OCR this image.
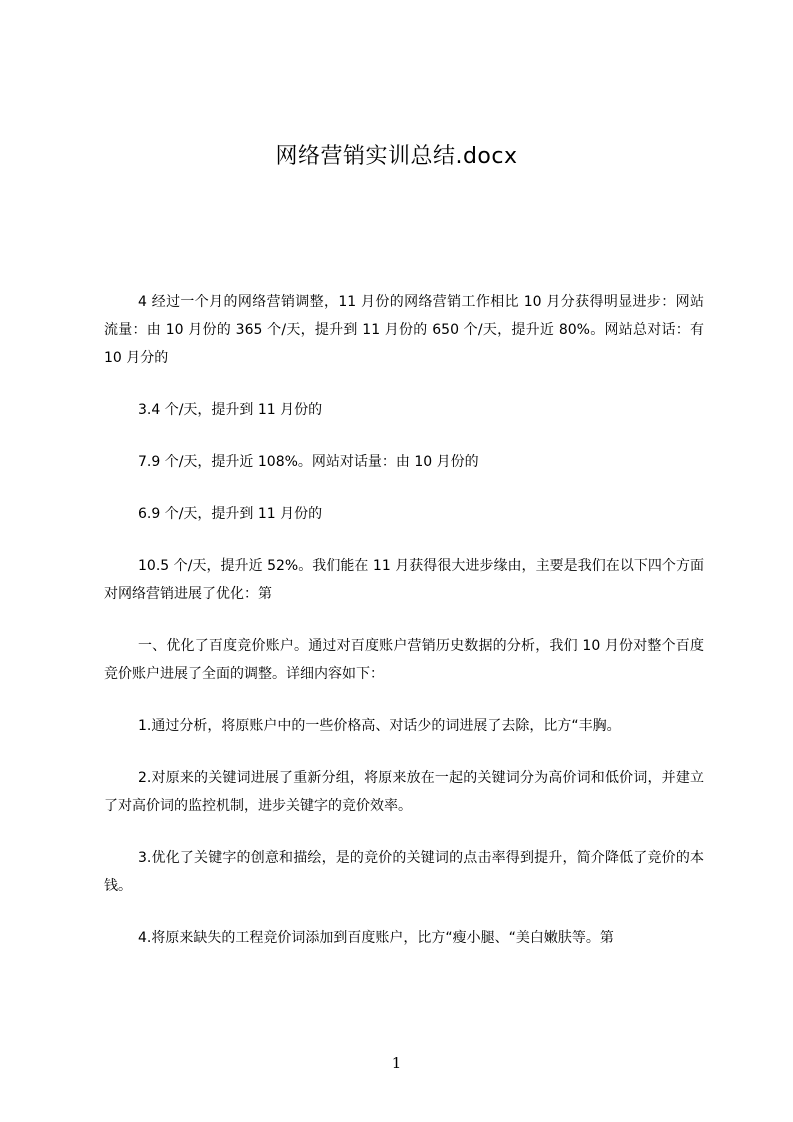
网络营销实训总结.docx

4 经过一个月的网络营销调整，11 月份的网络营销工作相比 10 月分获得明显进步：网站流量：由 10 月份的 365 个/天，提升到 11 月份的 650 个/天，提升近 80%。网站总对话：有 10 月分的

3.4 个/天，提升到 11 月份的

7.9 个/天，提升近 108%。网站对话量：由 10 月份的

6.9 个/天，提升到 11 月份的

10.5 个/天，提升近 52%。我们能在 11 月获得很大进步缘由，主要是我们在以下四个方面对网络营销进展了优化：第

一、优化了百度竞价账户。通过对百度账户营销历史数据的分析，我们 10 月份对整个百度竞价账户进展了全面的调整。详细内容如下：

1.通过分析，将原账户中的一些价格高、对话少的词进展了去除，比方“丰胸。

2.对原来的关键词进展了重新分组，将原来放在一起的关键词分为高价词和低价词，并建立了对高价词的监控机制，进步关键字的竞价效率。

3.优化了关键字的创意和描绘，是的竞价的关键词的点击率得到提升，简介降低了竞价的本钱。

4.将原来缺失的工程竞价词添加到百度账户，比方“瘦小腿、“美白嫩肤等。第

1
